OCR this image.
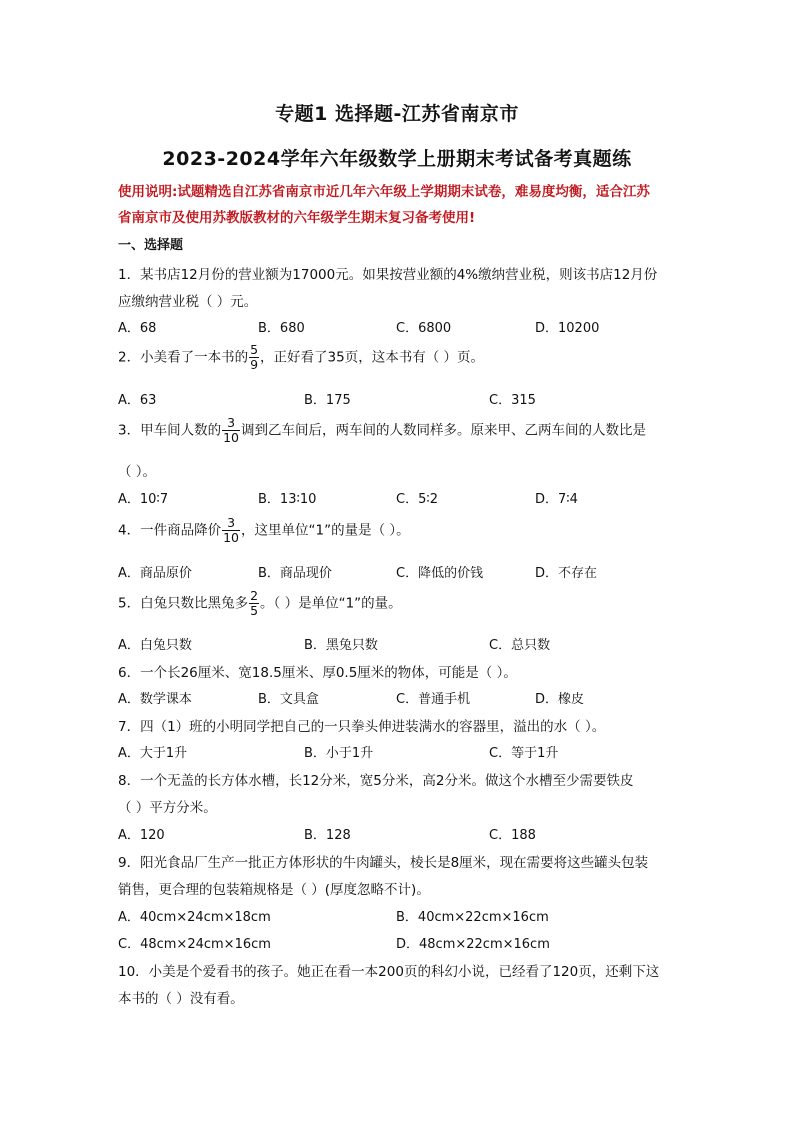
专题1 选择题-江苏省南京市
2023-2024学年六年级数学上册期末考试备考真题练
使用说明:试题精选自江苏省南京市近几年六年级上学期期末试卷，难易度均衡，适合江苏
省南京市及使用苏教版教材的六年级学生期末复习备考使用!
一、选择题
1．某书店12月份的营业额为17000元。如果按营业额的4%缴纳营业税，则该书店12月份
应缴纳营业税（ ）元。
A．68	B．680	C．6800	D．10200
2．小美看了一本书的 $\frac{5}{9}$ ，正好看了35页，这本书有（ ）页。
A．63	B．175	C．315
3．甲车间人数的 $\frac{3}{10}$ 调到乙车间后，两车间的人数同样多。原来甲、乙两车间的人数比是
（ ）。
A．10∶7	B．13∶10	C．5∶2	D．7∶4
4．一件商品降价 $\frac{3}{10}$ ，这里单位“1”的量是（ ）。
A．商品原价	B．商品现价	C．降低的价钱	D．不存在
5．白兔只数比黑兔多 $\frac{2}{5}$ 。（ ）是单位“1”的量。
A．白兔只数	B．黑兔只数	C．总只数
6．一个长26厘米、宽18.5厘米、厚0.5厘米的物体，可能是（ ）。
A．数学课本	B．文具盒	C．普通手机	D．橡皮
7．四（1）班的小明同学把自己的一只拳头伸进装满水的容器里，溢出的水（ ）。
A．大于1升	B．小于1升	C．等于1升
8．一个无盖的长方体水槽，长12分米，宽5分米，高2分米。做这个水槽至少需要铁皮
（ ）平方分米。
A．120	B．128	C．188
9．阳光食品厂生产一批正方体形状的牛肉罐头，棱长是8厘米，现在需要将这些罐头包装
销售，更合理的包装箱规格是（ ）(厚度忽略不计)。
A．40cm×24cm×18cm	B．40cm×22cm×16cm
C．48cm×24cm×16cm	D．48cm×22cm×16cm
10．小美是个爱看书的孩子。她正在看一本200页的科幻小说，已经看了120页，还剩下这
本书的（ ）没有看。
